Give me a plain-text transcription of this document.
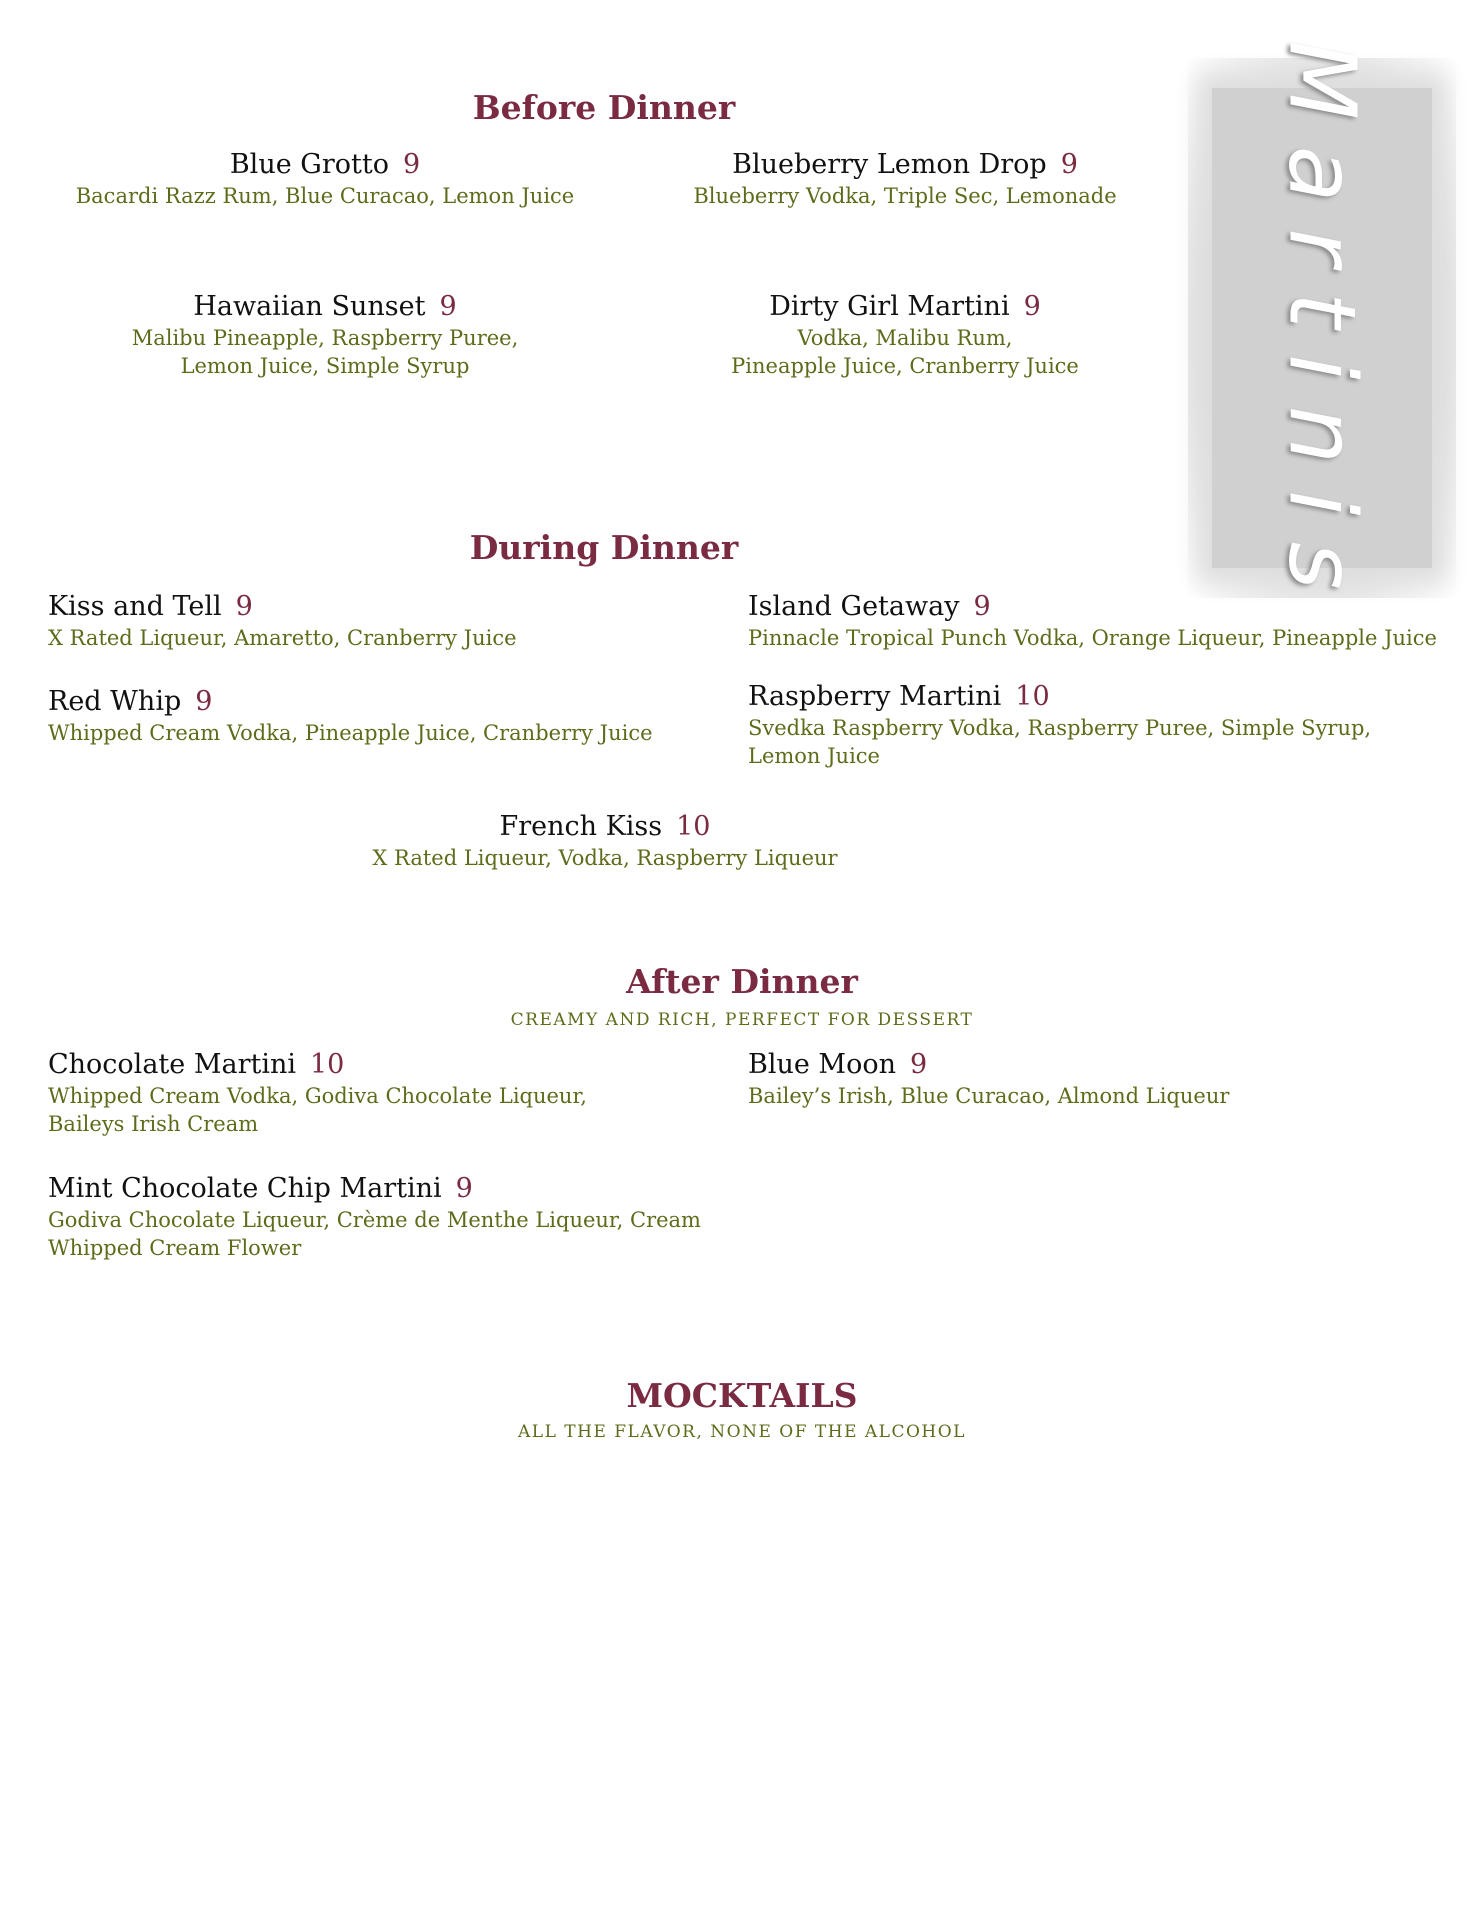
Martinis
Before Dinner
Blue Grotto 9
Bacardi Razz Rum, Blue Curacao, Lemon Juice
Blueberry Lemon Drop 9
Blueberry Vodka, Triple Sec, Lemonade
Hawaiian Sunset 9
Malibu Pineapple, Raspberry Puree,
Lemon Juice, Simple Syrup
Dirty Girl Martini 9
Vodka, Malibu Rum,
Pineapple Juice, Cranberry Juice
During Dinner
Kiss and Tell 9
X Rated Liqueur, Amaretto, Cranberry Juice
Island Getaway 9
Pinnacle Tropical Punch Vodka, Orange Liqueur, Pineapple Juice
Red Whip 9
Whipped Cream Vodka, Pineapple Juice, Cranberry Juice
Raspberry Martini 10
Svedka Raspberry Vodka, Raspberry Puree, Simple Syrup,
Lemon Juice
French Kiss 10
X Rated Liqueur, Vodka, Raspberry Liqueur
After Dinner
CREAMY AND RICH, PERFECT FOR DESSERT
Chocolate Martini 10
Whipped Cream Vodka, Godiva Chocolate Liqueur,
Baileys Irish Cream
Blue Moon 9
Bailey’s Irish, Blue Curacao, Almond Liqueur
Mint Chocolate Chip Martini 9
Godiva Chocolate Liqueur, Crème de Menthe Liqueur, Cream
Whipped Cream Flower
MOCKTAILS
ALL THE FLAVOR, NONE OF THE ALCOHOL
